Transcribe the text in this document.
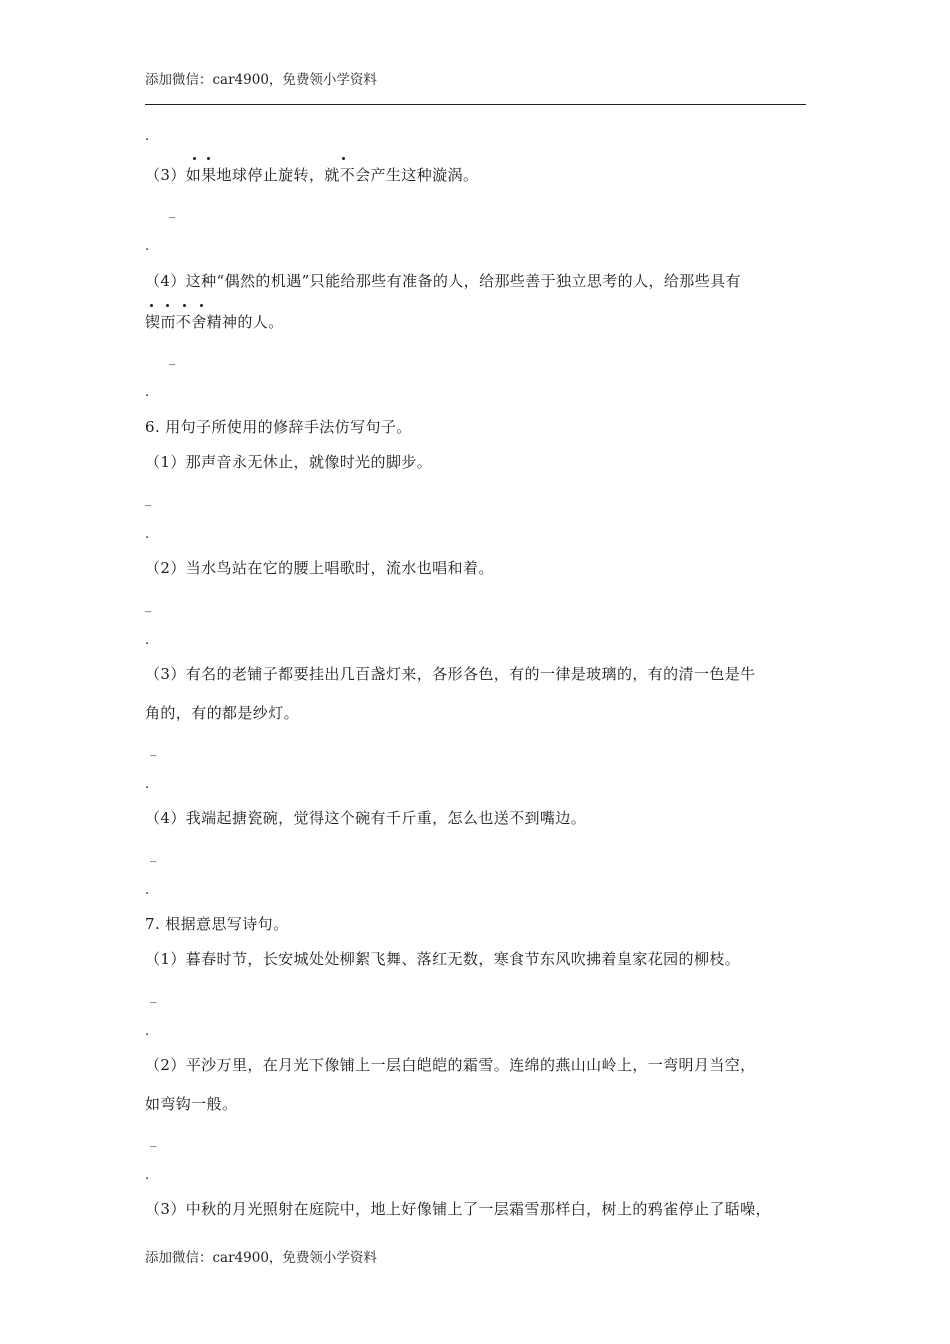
添加微信：car4900，免费领小学资料
.
（3）如果地球停止旋转，就不会产生这种漩涡。
_
.
（4）这种“偶然的机遇”只能给那些有准备的人，给那些善于独立思考的人，给那些具有
锲而不舍精神的人。
_
.
6. 用句子所使用的修辞手法仿写句子。
（1）那声音永无休止，就像时光的脚步。
_
.
（2）当水鸟站在它的腰上唱歌时，流水也唱和着。
_
.
（3）有名的老铺子都要挂出几百盏灯来，各形各色，有的一律是玻璃的，有的清一色是牛
角的，有的都是纱灯。
_
.
（4）我端起搪瓷碗，觉得这个碗有千斤重，怎么也送不到嘴边。
_
.
7. 根据意思写诗句。
（1）暮春时节，长安城处处柳絮飞舞、落红无数，寒食节东风吹拂着皇家花园的柳枝。
_
.
（2）平沙万里，在月光下像铺上一层白皑皑的霜雪。连绵的燕山山岭上，一弯明月当空，
如弯钩一般。
_
.
（3）中秋的月光照射在庭院中，地上好像铺上了一层霜雪那样白，树上的鸦雀停止了聒噪，
添加微信：car4900，免费领小学资料
